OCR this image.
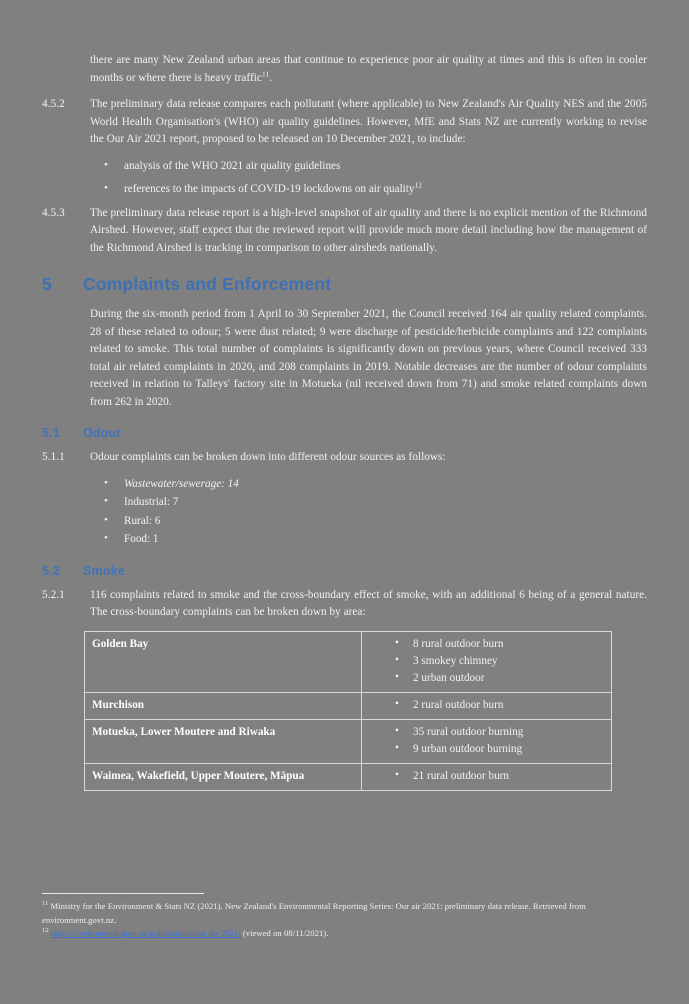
there are many New Zealand urban areas that continue to experience poor air quality at times and this is often in cooler months or where there is heavy traffic$^{11}$.
4.5.2	The preliminary data release compares each pollutant (where applicable) to New Zealand's Air Quality NES and the 2005 World Health Organisation's (WHO) air quality guidelines. However, MfE and Stats NZ are currently working to revise the Our Air 2021 report, proposed to be released on 10 December 2021, to include:
• analysis of the WHO 2021 air quality guidelines
• references to the impacts of COVID-19 lockdowns on air quality$^{12}$
4.5.3	The preliminary data release report is a high-level snapshot of air quality and there is no explicit mention of the Richmond Airshed. However, staff expect that the reviewed report will provide much more detail including how the management of the Richmond Airshed is tracking in comparison to other airsheds nationally.
5	Complaints and Enforcement
During the six-month period from 1 April to 30 September 2021, the Council received 164 air quality related complaints. 28 of these related to odour; 5 were dust related; 9 were discharge of pesticide/herbicide complaints and 122 complaints related to smoke. This total number of complaints is significantly down on previous years, where Council received 333 total air related complaints in 2020, and 208 complaints in 2019. Notable decreases are the number of odour complaints received in relation to Talleys' factory site in Motueka (nil received down from 71) and smoke related complaints down from 262 in 2020.
5.1	Odour
5.1.1	Odour complaints can be broken down into different odour sources as follows:
• Wastewater/sewerage: 14
• Industrial: 7
• Rural: 6
• Food: 1
5.2	Smoke
5.2.1	116 complaints related to smoke and the cross-boundary effect of smoke, with an additional 6 being of a general nature. The cross-boundary complaints can be broken down by area:
Golden Bay	
•8 rural outdoor burn
• 3 smokey chimney
• 2 urban outdoor

Murchison	
•2 rural outdoor burn

Motueka, Lower Moutere and Riwaka	
•35 rural outdoor burning
• 9 urban outdoor burning

Waimea, Wakefield, Upper Moutere, Māpua	
•21 rural outdoor burn

$^{11}$ Ministry for the Environment & Stats NZ (2021). New Zealand's Environmental Reporting Series: Our air 2021: preliminary data release. Retrieved from environment.govt.nz.

$^{12}$ https://environment.govt.nz/publications/our-air-2021/ (viewed on 08/11/2021).
